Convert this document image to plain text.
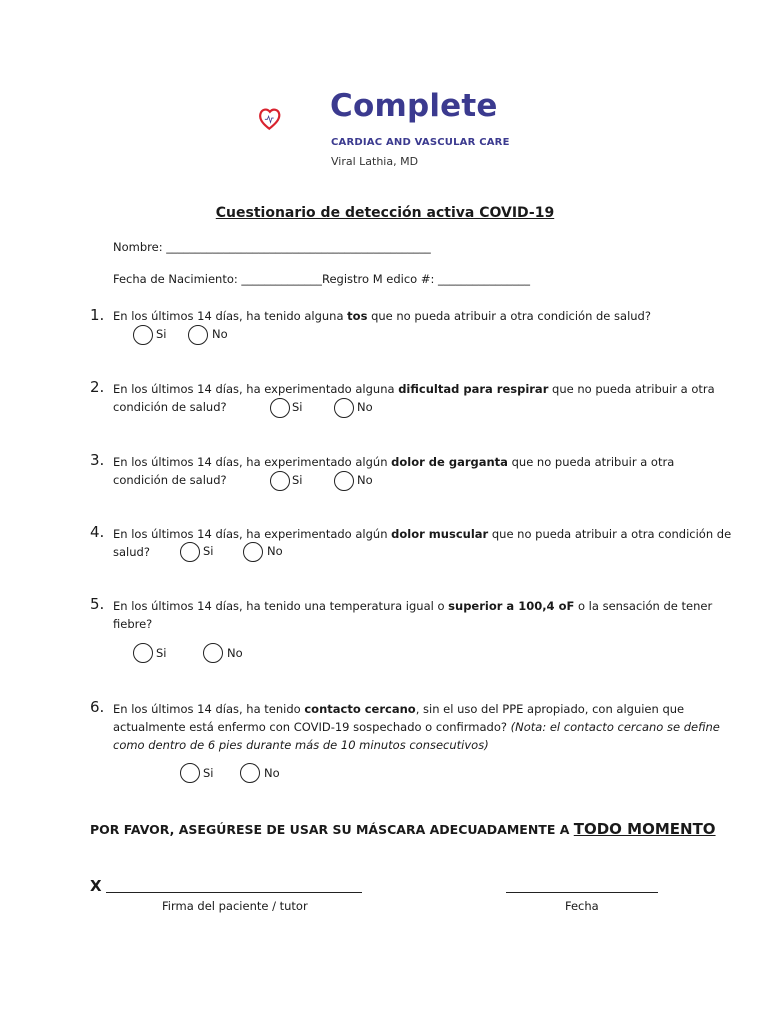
Complete
CARDIAC AND VASCULAR CARE
Viral Lathia, MD
Cuestionario de detección activa COVID-19
Nombre: ______________________________________________
Fecha de Nacimiento: ______________ Registro M edico #: ________________
1. En los últimos 14 días, ha tenido alguna tos que no pueda atribuir a otra condición de salud?
Si	No
2. En los últimos 14 días, ha experimentado alguna dificultad para respirar que no pueda atribuir a otra
condición de salud?	Si	No
3. En los últimos 14 días, ha experimentado algún dolor de garganta que no pueda atribuir a otra
condición de salud?	Si	No
4. En los últimos 14 días, ha experimentado algún dolor muscular que no pueda atribuir a otra condición de
salud?	Si	No
5. En los últimos 14 días, ha tenido una temperatura igual o superior a 100,4 oF o la sensación de tener
fiebre?
Si	No
6. En los últimos 14 días, ha tenido contacto cercano, sin el uso del PPE apropiado, con alguien que
actualmente está enfermo con COVID-19 sospechado o confirmado? (Nota: el contacto cercano se define
como dentro de 6 pies durante más de 10 minutos consecutivos)
Si	No
POR FAVOR, ASEGÚRESE DE USAR SU MÁSCARA ADECUADAMENTE A TODO MOMENTO
X
Firma del paciente / tutor	Fecha
